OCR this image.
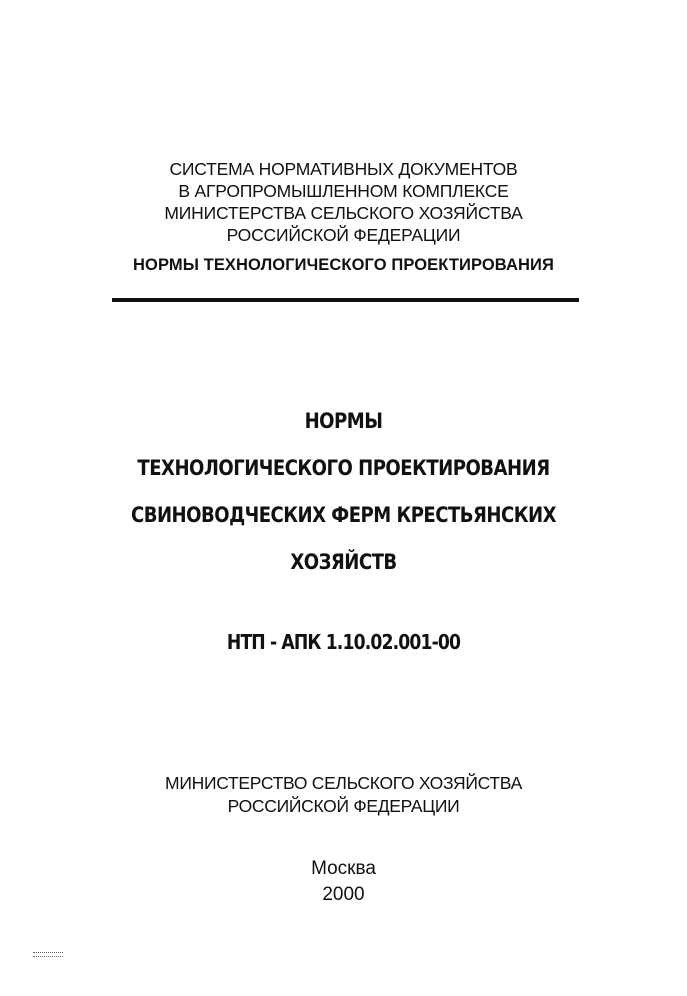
СИСТЕМА НОРМАТИВНЫХ ДОКУМЕНТОВ
В АГРОПРОМЫШЛЕННОМ КОМПЛЕКСЕ
МИНИСТЕРСТВА СЕЛЬСКОГО ХОЗЯЙСТВА
РОССИЙСКОЙ ФЕДЕРАЦИИ
НОРМЫ ТЕХНОЛОГИЧЕСКОГО ПРОЕКТИРОВАНИЯ
НОРМЫ
ТЕХНОЛОГИЧЕСКОГО ПРОЕКТИРОВАНИЯ
СВИНОВОДЧЕСКИХ ФЕРМ КРЕСТЬЯНСКИХ
ХОЗЯЙСТВ
НТП - АПК 1.10.02.001-00
МИНИСТЕРСТВО СЕЛЬСКОГО ХОЗЯЙСТВА
РОССИЙСКОЙ ФЕДЕРАЦИИ
Москва
2000
